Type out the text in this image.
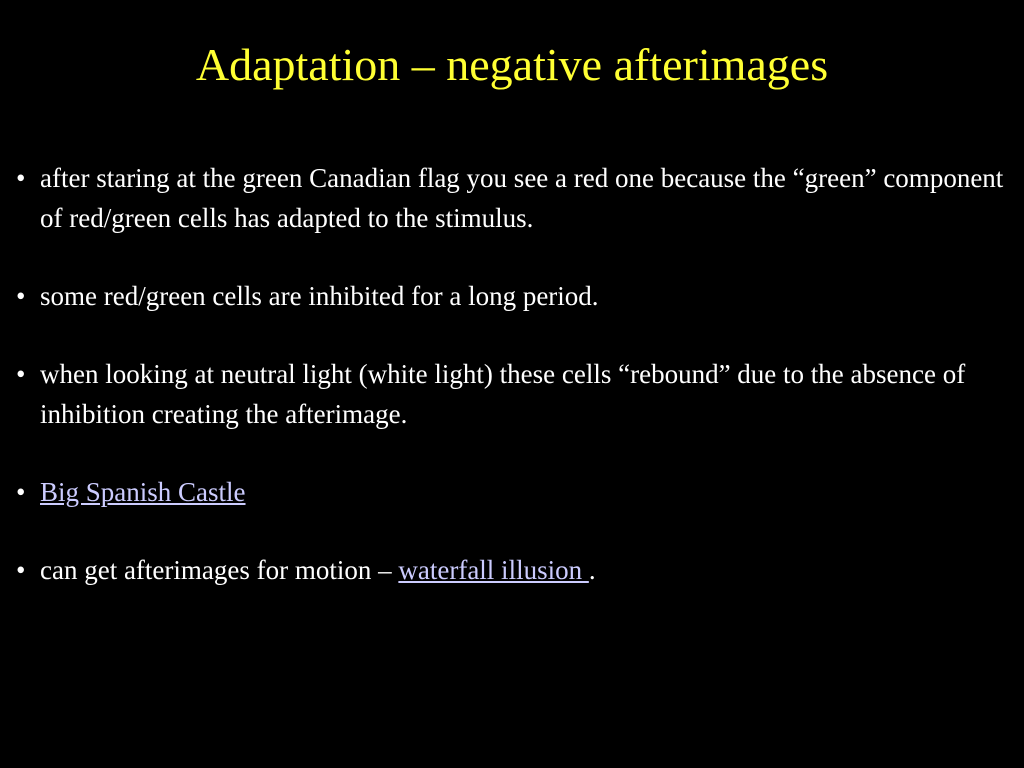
Adaptation – negative afterimages
• after staring at the green Canadian flag you see a red one because the “green” component of red/green cells has adapted to the stimulus.
• some red/green cells are inhibited for a long period.
• when looking at neutral light (white light) these cells “rebound” due to the absence of inhibition creating the afterimage.
• Big Spanish Castle
• can get afterimages for motion – waterfall illusion .
